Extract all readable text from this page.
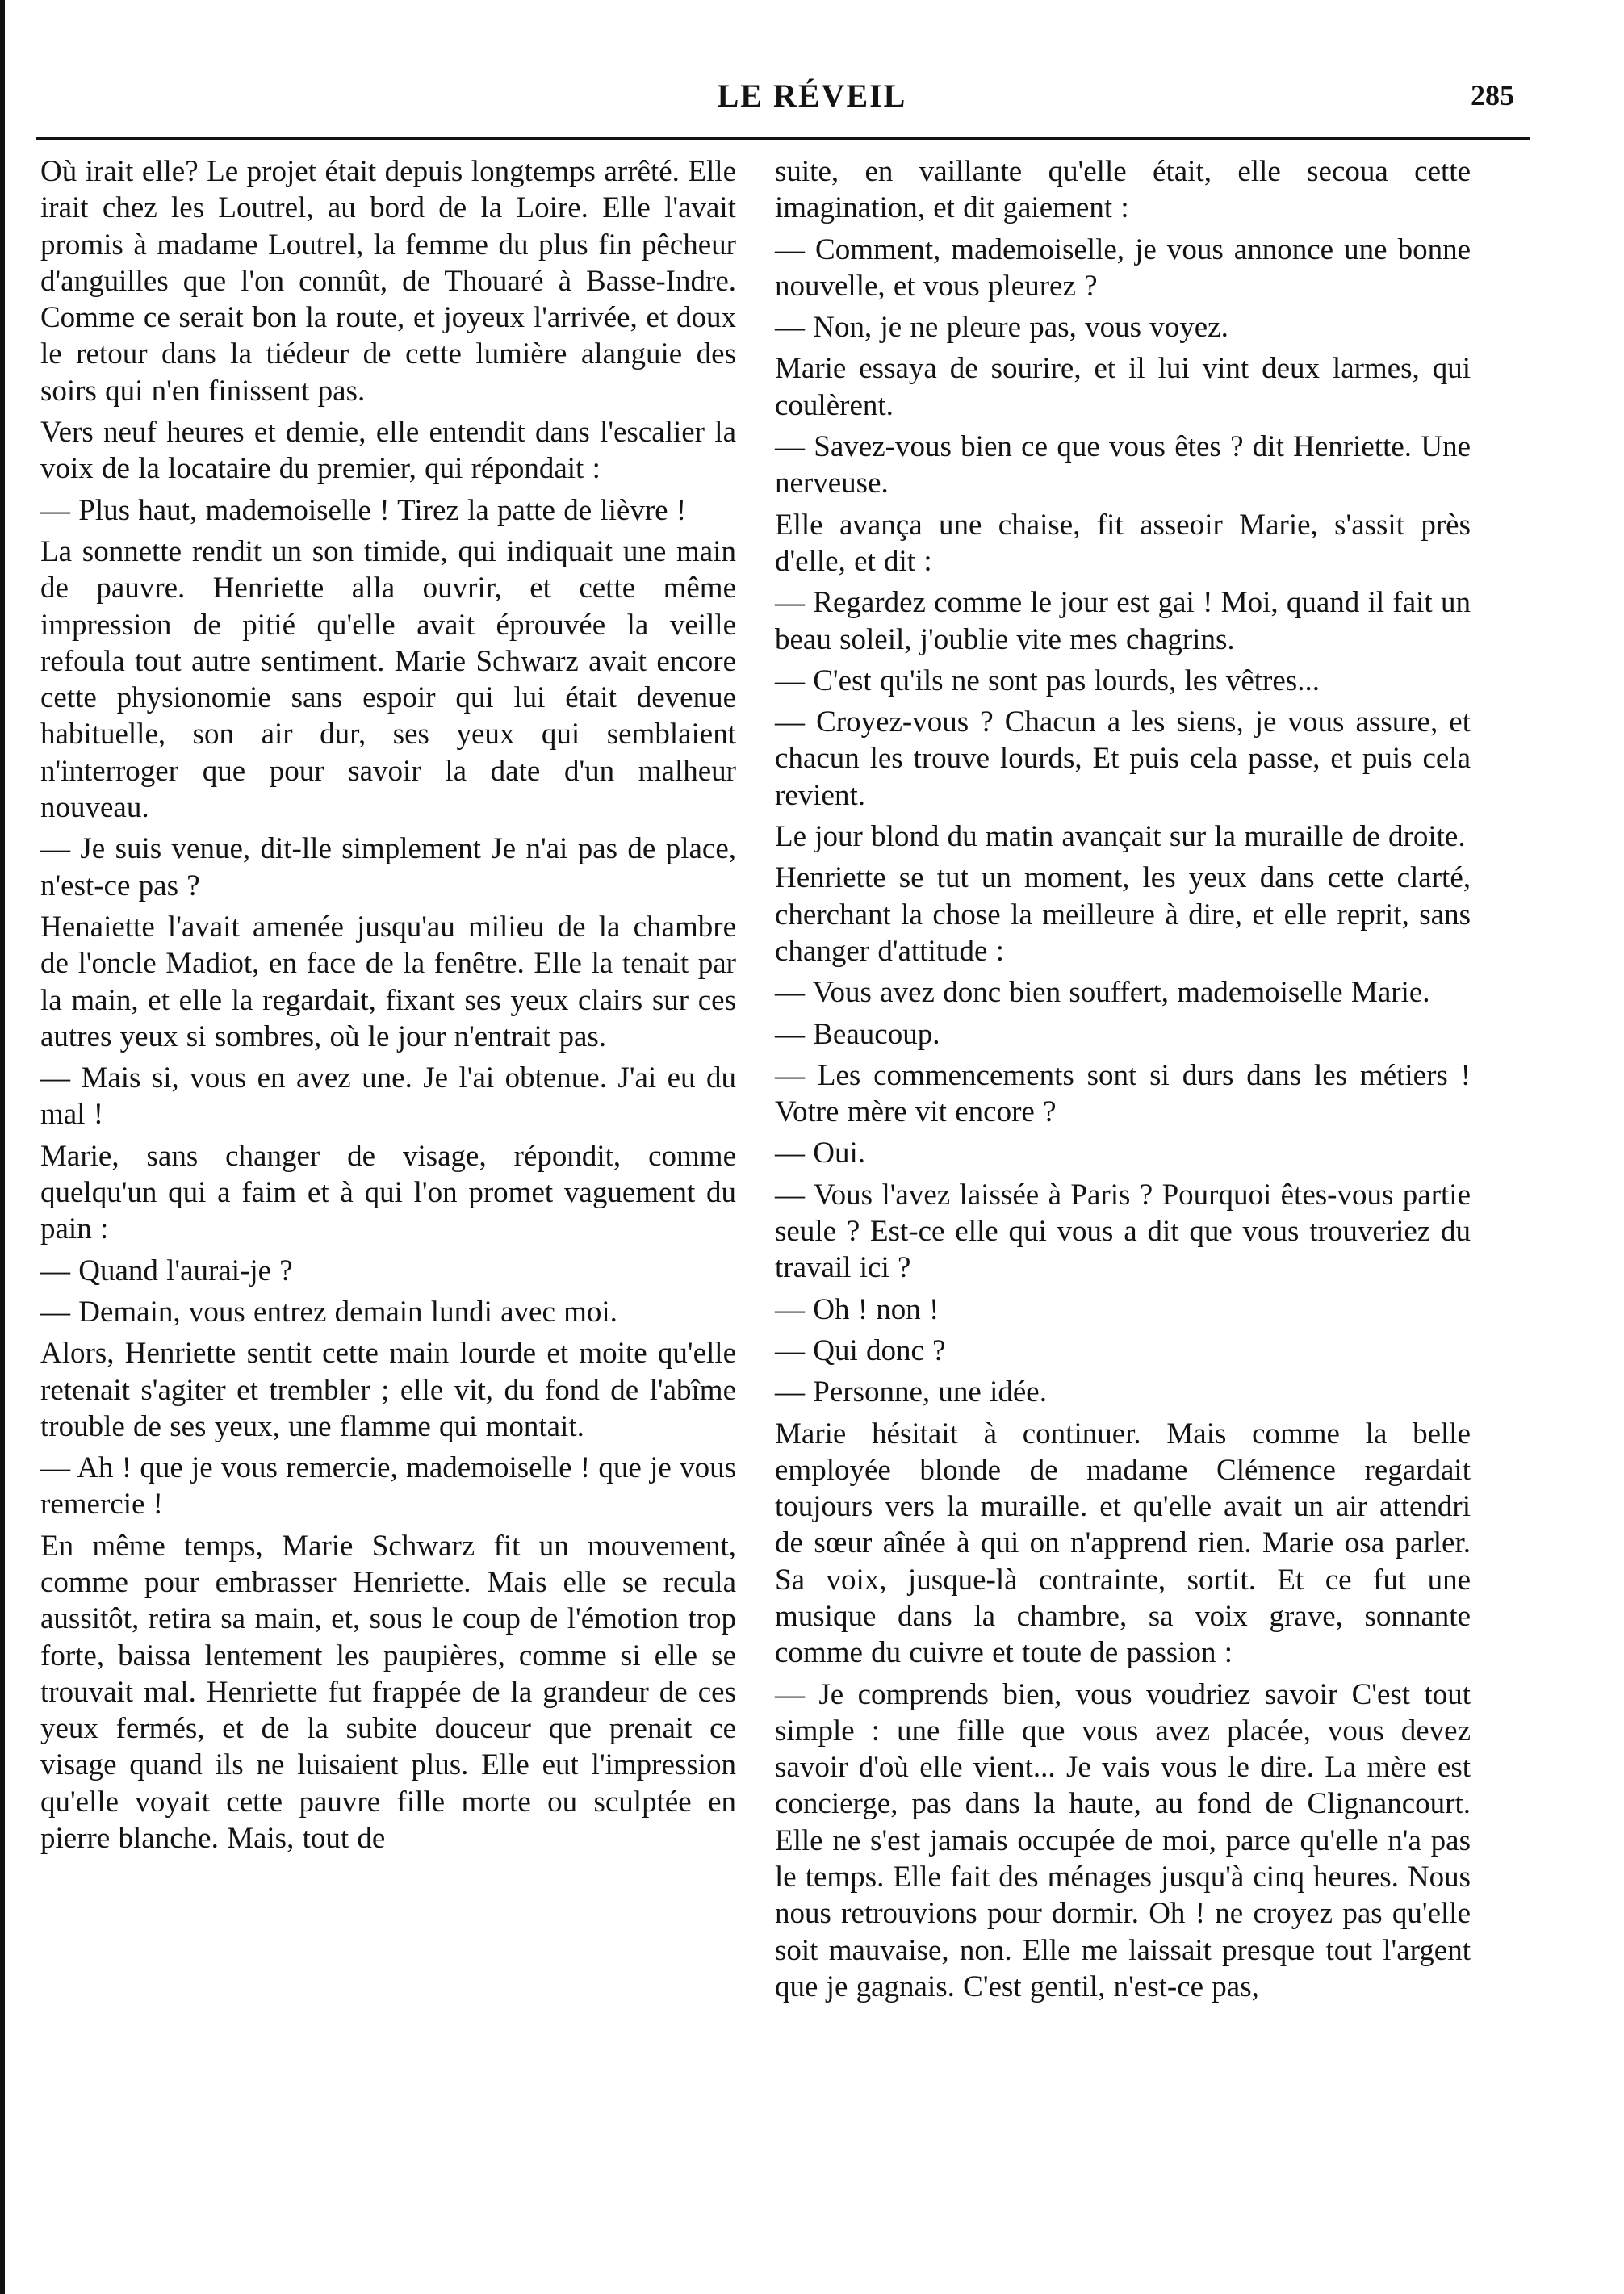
LE RÉVEIL	285

Où irait elle? Le projet était depuis longtemps arrêté. Elle irait chez les Loutrel, au bord de la Loire. Elle l'avait promis à madame Loutrel, la femme du plus fin pêcheur d'anguilles que l'on connût, de Thouaré à Basse-Indre. Comme ce serait bon la route, et joyeux l'arrivée, et doux le retour dans la tiédeur de cette lumière alanguie des soirs qui n'en finissent pas.

Vers neuf heures et demie, elle entendit dans l'escalier la voix de la locataire du premier, qui répondait :

— Plus haut, mademoiselle ! Tirez la patte de lièvre !

La sonnette rendit un son timide, qui indiquait une main de pauvre. Henriette alla ouvrir, et cette même impression de pitié qu'elle avait éprouvée la veille refoula tout autre sentiment. Marie Schwarz avait encore cette physionomie sans espoir qui lui était devenue habituelle, son air dur, ses yeux qui semblaient n'interroger que pour savoir la date d'un malheur nouveau.

— Je suis venue, dit-lle simplement Je n'ai pas de place, n'est-ce pas ?

Henaiette l'avait amenée jusqu'au milieu de la chambre de l'oncle Madiot, en face de la fenêtre. Elle la tenait par la main, et elle la regardait, fixant ses yeux clairs sur ces autres yeux si sombres, où le jour n'entrait pas.

— Mais si, vous en avez une. Je l'ai obtenue. J'ai eu du mal !

Marie, sans changer de visage, répondit, comme quelqu'un qui a faim et à qui l'on promet vaguement du pain :

— Quand l'aurai-je ?

— Demain, vous entrez demain lundi avec moi.

Alors, Henriette sentit cette main lourde et moite qu'elle retenait s'agiter et trembler ; elle vit, du fond de l'abîme trouble de ses yeux, une flamme qui montait.

— Ah ! que je vous remercie, mademoiselle ! que je vous remercie !

En même temps, Marie Schwarz fit un mouvement, comme pour embrasser Henriette. Mais elle se recula aussitôt, retira sa main, et, sous le coup de l'émotion trop forte, baissa lentement les paupières, comme si elle se trouvait mal. Henriette fut frappée de la grandeur de ces yeux fermés, et de la subite douceur que prenait ce visage quand ils ne luisaient plus. Elle eut l'impression qu'elle voyait cette pauvre fille morte ou sculptée en pierre blanche. Mais, tout de

suite, en vaillante qu'elle était, elle secoua cette imagination, et dit gaiement :

— Comment, mademoiselle, je vous annonce une bonne nouvelle, et vous pleurez ?

— Non, je ne pleure pas, vous voyez.

Marie essaya de sourire, et il lui vint deux larmes, qui coulèrent.

— Savez-vous bien ce que vous êtes ? dit Henriette. Une nerveuse.

Elle avança une chaise, fit asseoir Marie, s'assit près d'elle, et dit :

— Regardez comme le jour est gai ! Moi, quand il fait un beau soleil, j'oublie vite mes chagrins.

— C'est qu'ils ne sont pas lourds, les vêtres...

— Croyez-vous ? Chacun a les siens, je vous assure, et chacun les trouve lourds, Et puis cela passe, et puis cela revient.

Le jour blond du matin avançait sur la muraille de droite.

Henriette se tut un moment, les yeux dans cette clarté, cherchant la chose la meilleure à dire, et elle reprit, sans changer d'attitude :

— Vous avez donc bien souffert, mademoiselle Marie.

— Beaucoup.

— Les commencements sont si durs dans les métiers ! Votre mère vit encore ?

— Oui.

— Vous l'avez laissée à Paris ? Pourquoi êtes-vous partie seule ? Est-ce elle qui vous a dit que vous trouveriez du travail ici ?

— Oh ! non !

— Qui donc ?

— Personne, une idée.

Marie hésitait à continuer. Mais comme la belle employée blonde de madame Clémence regardait toujours vers la muraille. et qu'elle avait un air attendri de sœur aînée à qui on n'apprend rien. Marie osa parler. Sa voix, jusque-là contrainte, sortit. Et ce fut une musique dans la chambre, sa voix grave, sonnante comme du cuivre et toute de passion :

— Je comprends bien, vous voudriez savoir C'est tout simple : une fille que vous avez placée, vous devez savoir d'où elle vient... Je vais vous le dire. La mère est concierge, pas dans la haute, au fond de Clignancourt. Elle ne s'est jamais occupée de moi, parce qu'elle n'a pas le temps. Elle fait des ménages jusqu'à cinq heures. Nous nous retrouvions pour dormir. Oh ! ne croyez pas qu'elle soit mauvaise, non. Elle me laissait presque tout l'argent que je gagnais. C'est gentil, n'est-ce pas,
